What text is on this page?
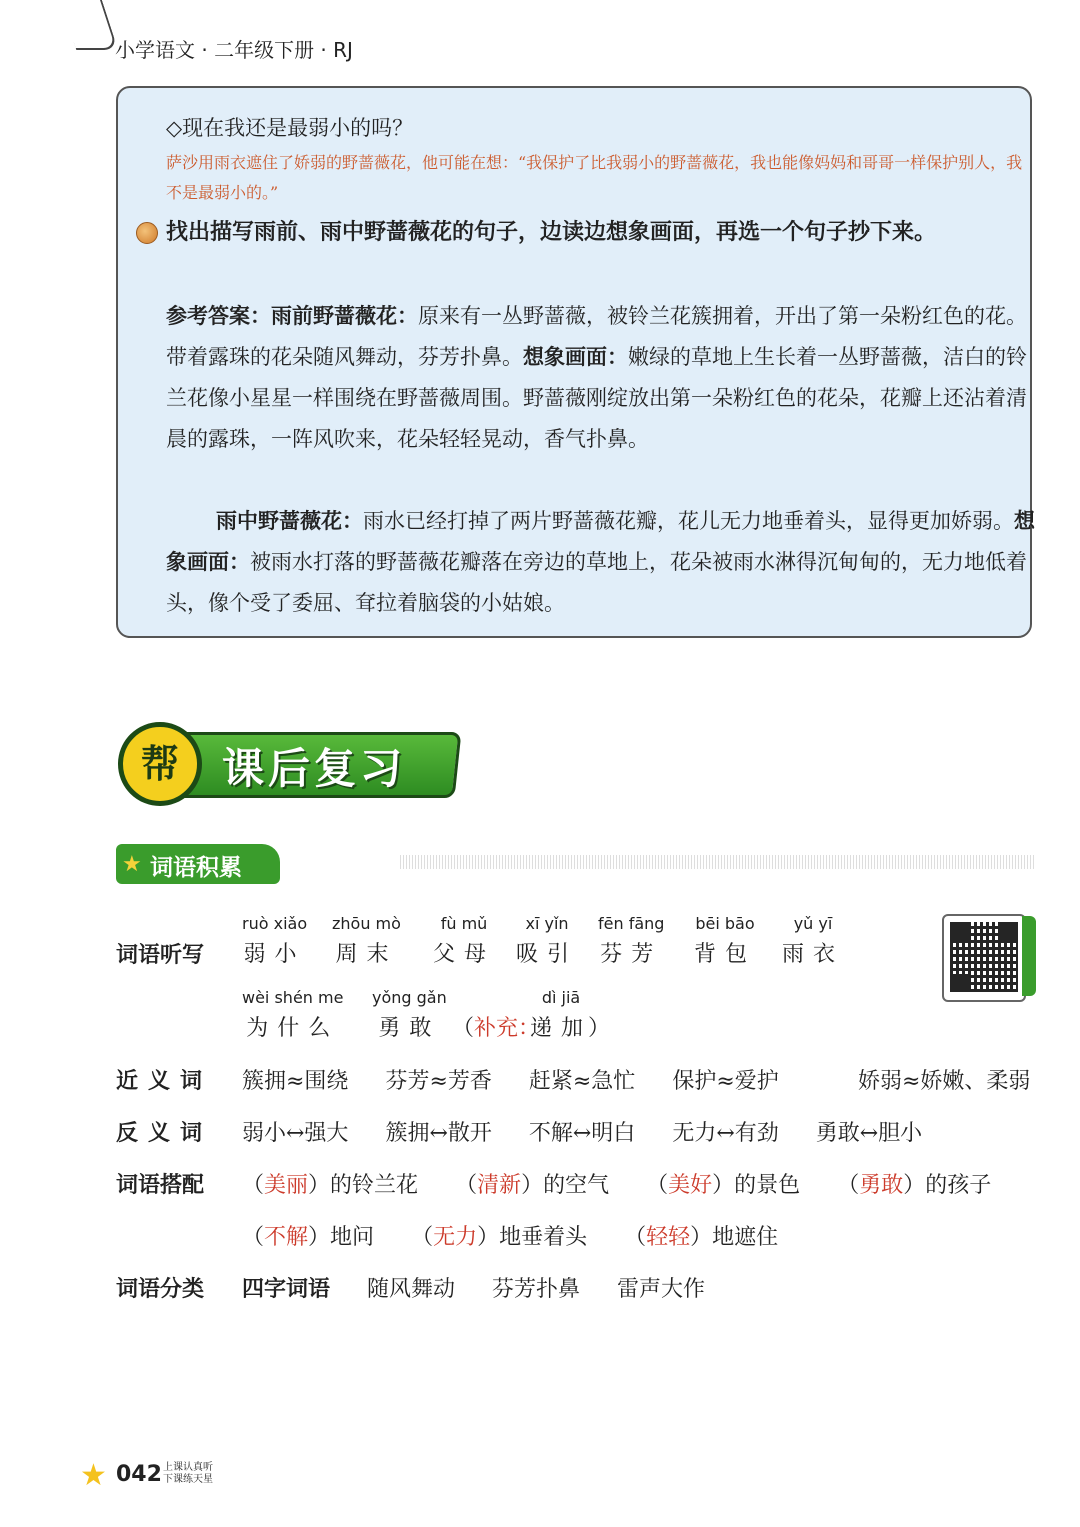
小学语文 · 二年级下册 · RJ
◇现在我还是最弱小的吗？
萨沙用雨衣遮住了娇弱的野蔷薇花，他可能在想：“我保护了比我弱小的野蔷薇花，我也能像妈妈和哥哥一样保护别人，我不是最弱小的。”
找出描写雨前、雨中野蔷薇花的句子，边读边想象画面，再选一个句子抄下来。
参考答案：雨前野蔷薇花：原来有一丛野蔷薇，被铃兰花簇拥着，开出了第一朵粉红色的花。带着露珠的花朵随风舞动，芬芳扑鼻。想象画面：嫩绿的草地上生长着一丛野蔷薇，洁白的铃兰花像小星星一样围绕在野蔷薇周围。野蔷薇刚绽放出第一朵粉红色的花朵，花瓣上还沾着清晨的露珠，一阵风吹来，花朵轻轻晃动，香气扑鼻。
雨中野蔷薇花：雨水已经打掉了两片野蔷薇花瓣，花儿无力地垂着头，显得更加娇弱。想象画面：被雨水打落的野蔷薇花瓣落在旁边的草地上，花朵被雨水淋得沉甸甸的，无力地低着头，像个受了委屈、耷拉着脑袋的小姑娘。
帮	课后复习
★ 词语积累
词语听写
ruò xiǎo
弱小
zhōu mò
周末
fù mǔ
父母
xī yǐn
吸引
fēn fāng
芬芳
bēi bāo
背包
yǔ yī
雨衣
wèi shén me
为什么
yǒng gǎn
勇敢 （补充：
dì jiā
递加
）
近义词 簇拥≈围绕 芬芳≈芳香 赶紧≈急忙 保护≈爱护	娇弱≈娇嫩、柔弱
反义词 弱小↔强大 簇拥↔散开 不解↔明白 无力↔有劲 勇敢↔胆小
词语搭配 （美丽）的铃兰花 （清新）的空气 （美好）的景色 （勇敢）的孩子
（不解）地问 （无力）地垂着头 （轻轻）地遮住
词语分类 四字词语 随风舞动 芬芳扑鼻 雷声大作
★ 042 上课认真听
下课练天星
